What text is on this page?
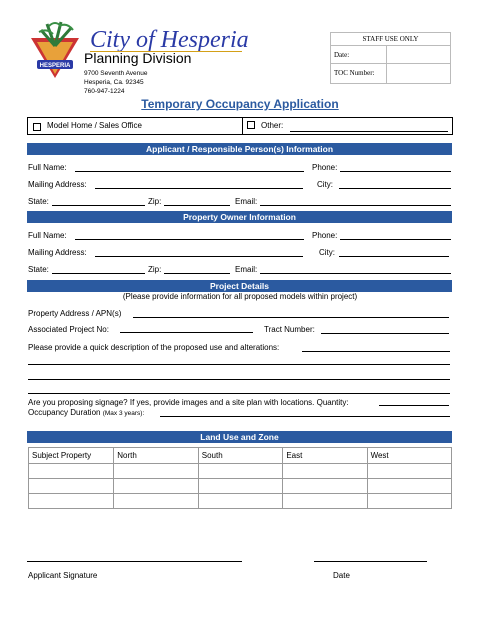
HESPERIA
City of Hesperia
Planning Division
9700 Seventh Avenue
Hesperia, Ca. 92345
760-947-1224
STAFF USE ONLY
Date:
TOC Number:
Temporary Occupancy Application
Model Home / Sales Office	Other:
Applicant / Responsible Person(s) Information
Full Name:	Phone:
Mailing Address:	City:
State:	Zip:	Email:
Property Owner Information
Full Name:	Phone:
Mailing Address:	City:
State:	Zip:	Email:
Project Details
(Please provide information for all proposed models within project)
Property Address / APN(s)
Associated Project No:	Tract Number:
Please provide a quick description of the proposed use and alterations:
Are you proposing signage? If yes, provide images and a site plan with locations. Quantity:
Occupancy Duration (Max 3 years):
Land Use and Zone
Subject Property	North	South	East	West

Applicant Signature	Date
